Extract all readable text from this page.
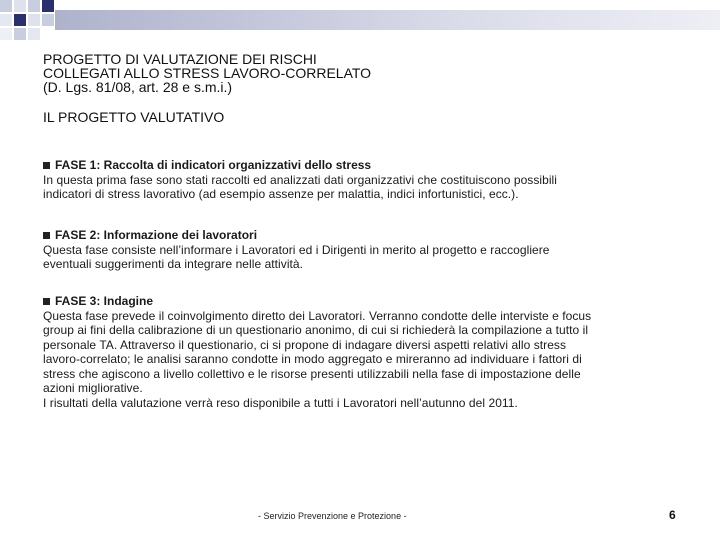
PROGETTO DI VALUTAZIONE DEI RISCHI
COLLEGATI ALLO STRESS LAVORO-CORRELATO
(D. Lgs. 81/08, art. 28 e s.m.i.)
IL PROGETTO VALUTATIVO
FASE 1: Raccolta di indicatori organizzativi dello stress
In questa prima fase sono stati raccolti ed analizzati dati organizzativi che costituiscono possibili
indicatori di stress lavorativo (ad esempio assenze per malattia, indici infortunistici, ecc.).
FASE 2: Informazione dei lavoratori
Questa fase consiste nell’informare i Lavoratori ed i Dirigenti in merito al progetto e raccogliere
eventuali suggerimenti da integrare nelle attività.
FASE 3: Indagine
Questa fase prevede il coinvolgimento diretto dei Lavoratori. Verranno condotte delle interviste e focus
group ai fini della calibrazione di un questionario anonimo, di cui si richiederà la compilazione a tutto il
personale TA. Attraverso il questionario, ci si propone di indagare diversi aspetti relativi allo stress
lavoro-correlato; le analisi saranno condotte in modo aggregato e mireranno ad individuare i fattori di
stress che agiscono a livello collettivo e le risorse presenti utilizzabili nella fase di impostazione delle
azioni migliorative.
I risultati della valutazione verrà reso disponibile a tutti i Lavoratori nell’autunno del 2011.
- Servizio Prevenzione e Protezione -	6
